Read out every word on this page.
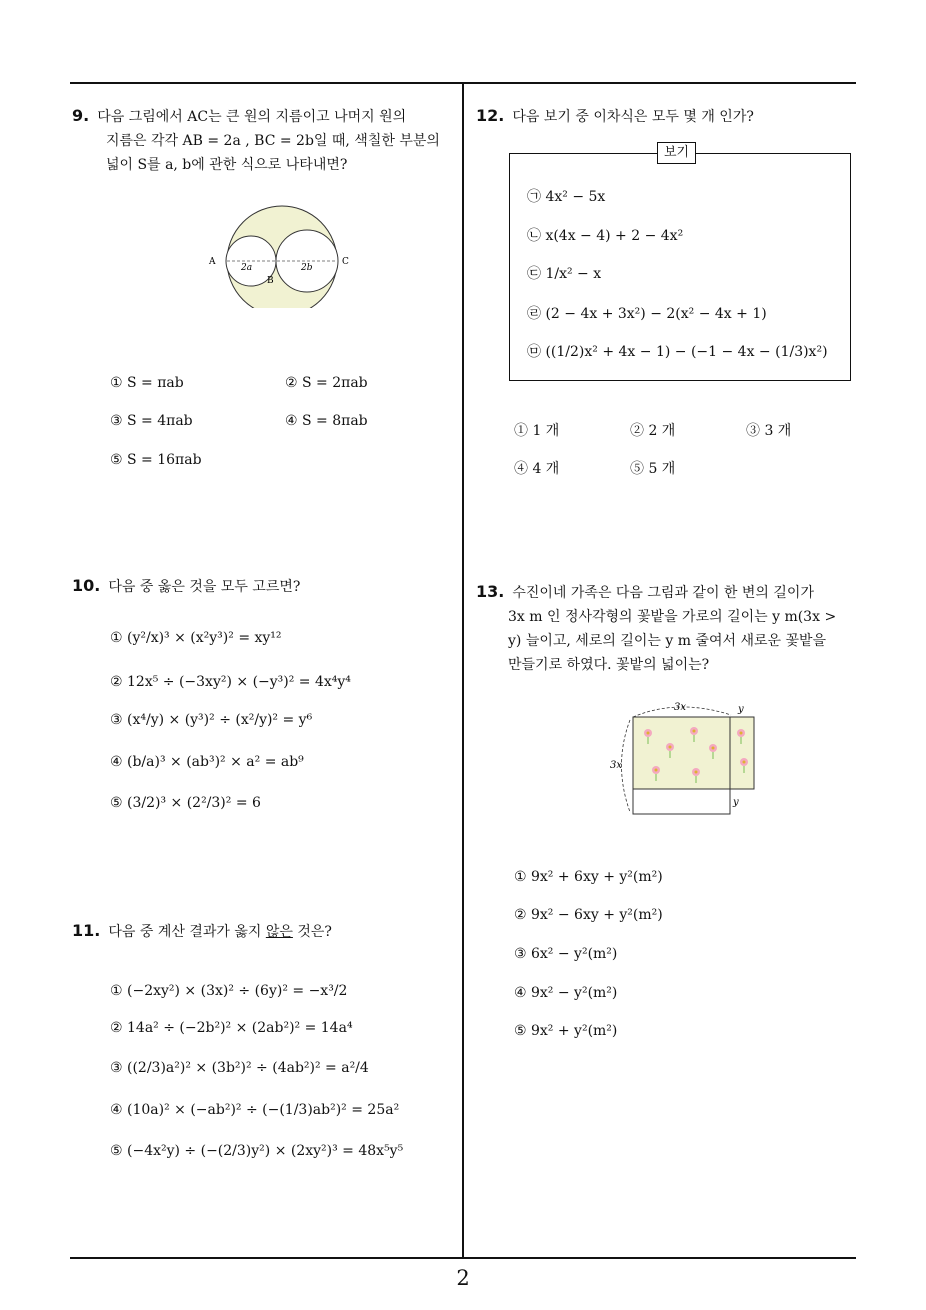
9. 다음 그림에서 AC는 큰 원의 지름이고 나머지 원의
지름은 각각 AB = 2a , BC = 2b일 때, 색칠한 부분의
넓이 S를 a, b에 관한 식으로 나타내면?
A	C
B
2a	2b
① S = πab	② S = 2πab
③ S = 4πab	④ S = 8πab
⑤ S = 16πab
10. 다음 중 옳은 것을 모두 고르면?
① (y²/x)³ × (x²y³)² = xy¹²
② 12x⁵ ÷ (−3xy²) × (−y³)² = 4x⁴y⁴
③ (x⁴/y) × (y³)² ÷ (x²/y)² = y⁶
④ (b/a)³ × (ab³)² × a² = ab⁹
⑤ (3/2)³ × (2²/3)² = 6
11. 다음 중 계산 결과가 옳지 않은 것은?
① (−2xy²) × (3x)² ÷ (6y)² = −x³/2
② 14a² ÷ (−2b²)² × (2ab²)² = 14a⁴
③ ((2/3)a²)² × (3b²)² ÷ (4ab²)² = a²/4
④ (10a)² × (−ab²)² ÷ (−(1/3)ab²)² = 25a²
⑤ (−4x²y) ÷ (−(2/3)y²) × (2xy²)³ = 48x⁵y⁵
12. 다음 보기 중 이차식은 모두 몇 개 인가?
보기
㉠ 4x² − 5x
㉡ x(4x − 4) + 2 − 4x²
㉢ 1/x² − x
㉣ (2 − 4x + 3x²) − 2(x² − 4x + 1)
㉤ ((1/2)x² + 4x − 1) − (−1 − 4x − (1/3)x²)
① 1 개	② 2 개	③ 3 개
④ 4 개	⑤ 5 개
13. 수진이네 가족은 다음 그림과 같이 한 변의 길이가
3x m 인 정사각형의 꽃밭을 가로의 길이는 y m(3x >
y) 늘이고, 세로의 길이는 y m 줄여서 새로운 꽃밭을
만들기로 하였다. 꽃밭의 넓이는?
3x	y
3x
y
① 9x² + 6xy + y²(m²)
② 9x² − 6xy + y²(m²)
③ 6x² − y²(m²)
④ 9x² − y²(m²)
⑤ 9x² + y²(m²)
2
